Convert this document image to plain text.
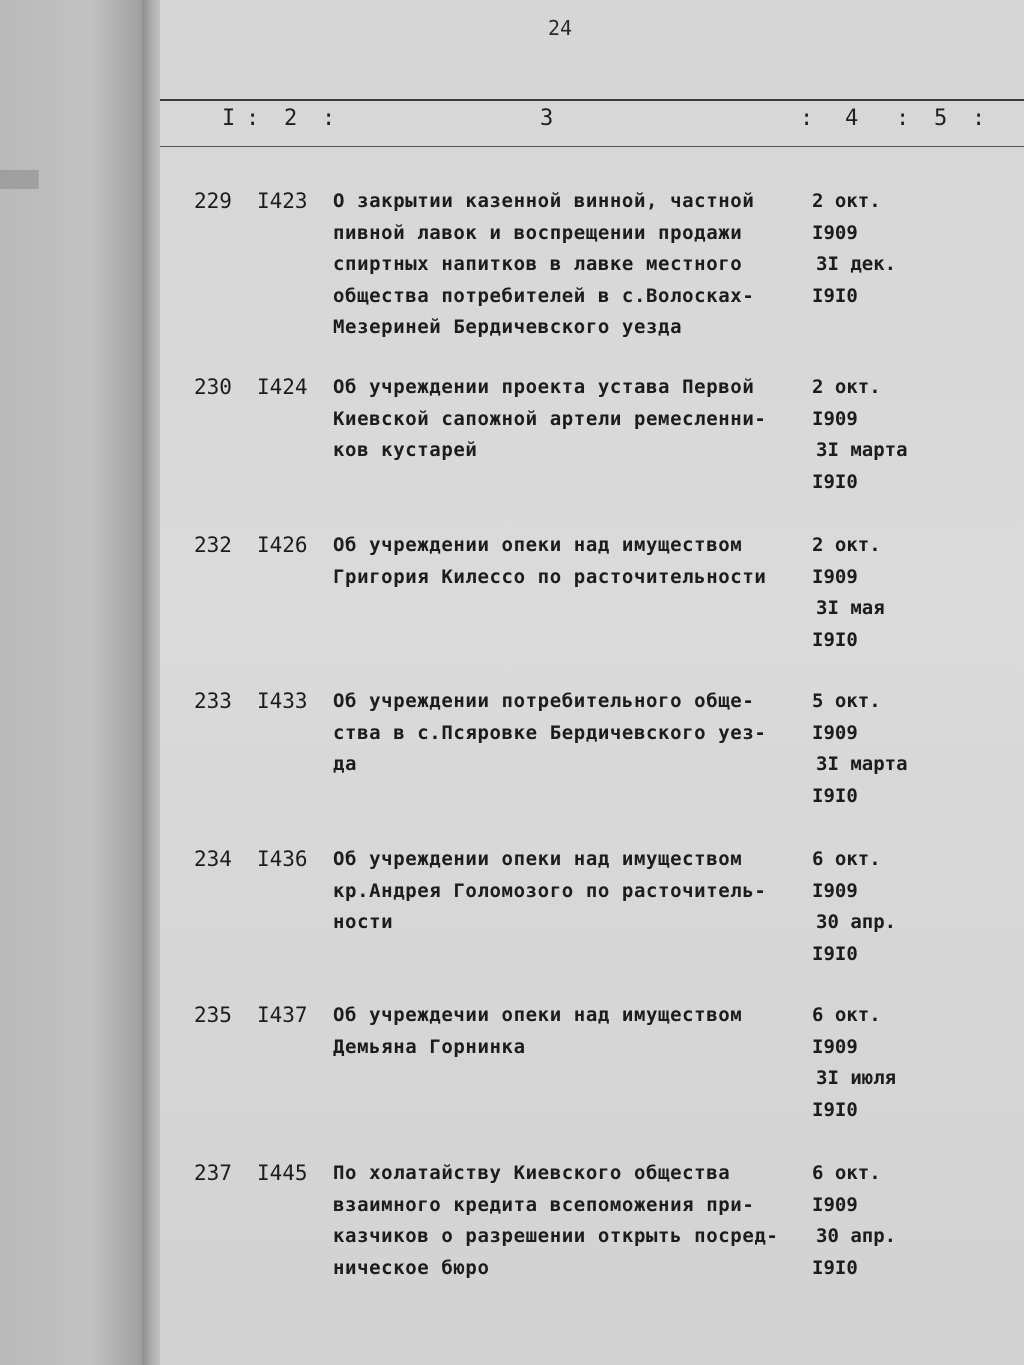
████
24
I : 2 :	3	: 4 : 5 :
229 I423 О закрытии казенной винной, частной
пивной лавок и воспрещении продажи
спиртных напитков в лавке местного
общества потребителей в с.Волосках-
Мезериней Бердичевского уезда
2 окт.
I909
3I дек.
I9I0
230 I424 Об учреждении проекта устава Первой
Киевской сапожной артели ремесленни-
ков кустарей
2 окт.
I909
3I марта
I9I0
232 I426 Об учреждении опеки над имуществом
Григория Килессо по расточительности
2 окт.
I909
3I мая
I9I0
233 I433 Об учреждении потребительного обще-
ства в с.Псяровке Бердичевского уез-
да
5 окт.
I909
3I марта
I9I0
234 I436 Об учреждении опеки над имуществом
кр.Андрея Голомозого по расточитель-
ности
6 окт.
I909
30 апр.
I9I0
235 I437 Об учреждечии опеки над имуществом
Демьяна Горнинка
6 окт.
I909
3I июля
I9I0
237 I445 По холатайству Киевского общества
взаимного кредита всепоможения при-
казчиков о разрешении открыть посред-
ническое бюро
6 окт.
I909
30 апр.
I9I0
